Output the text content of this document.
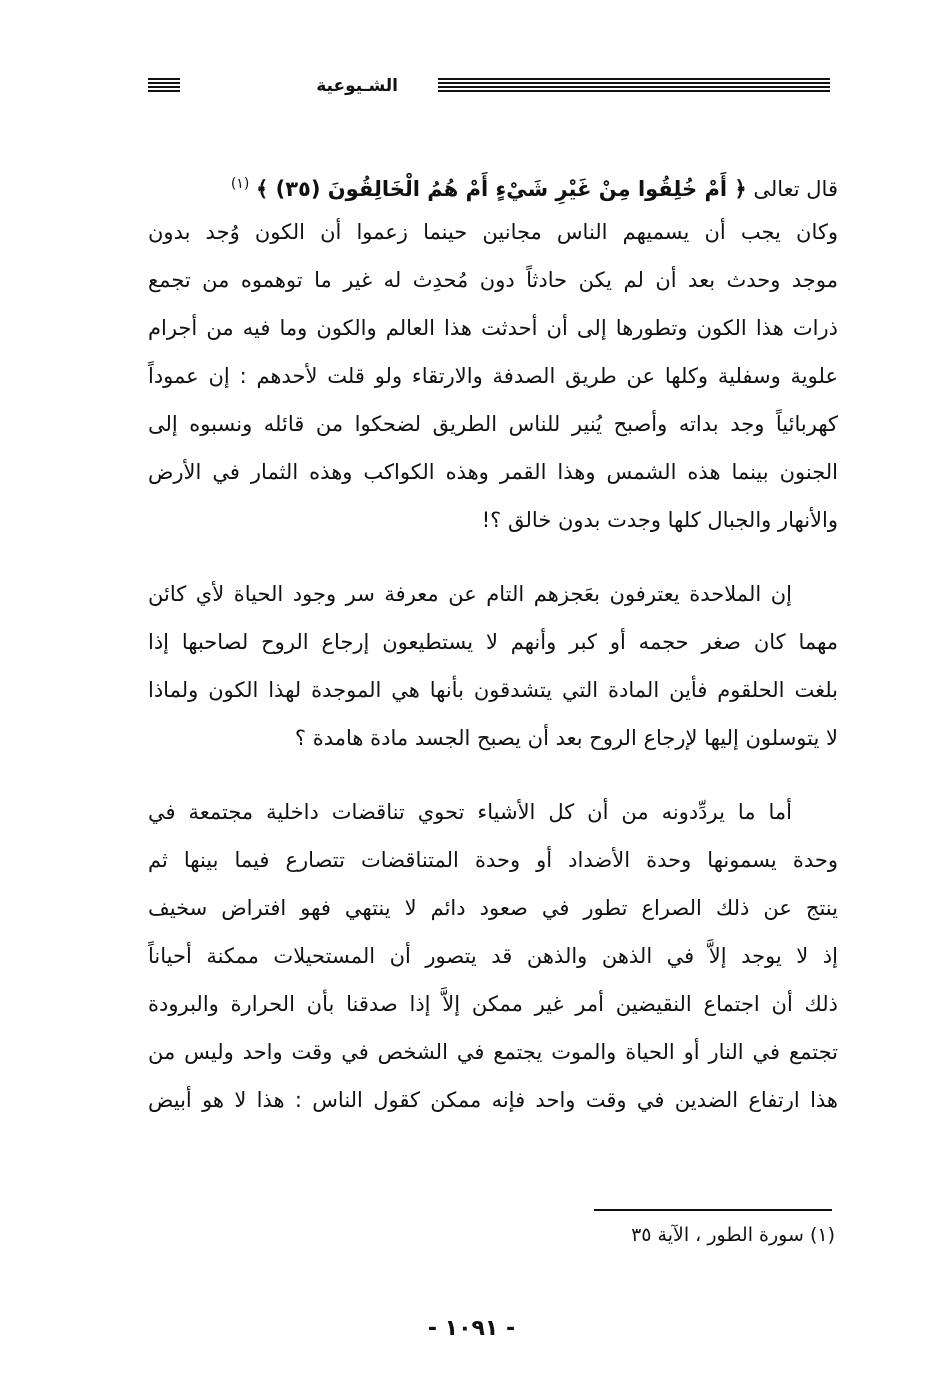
الشـيوعية
قال تعالى ﴿ أَمْ خُلِقُوا مِنْ غَيْرِ شَيْءٍ أَمْ هُمُ الْخَالِقُونَ (٣٥) ﴾ $^{(١)}$
وكان يجب أن يسميهم الناس مجانين حينما زعموا أن الكون وُجد بدون
موجد وحدث بعد أن لم يكن حادثاً دون مُحدِث له غير ما توهموه من تجمع
ذرات هذا الكون وتطورها إلى أن أحدثت هذا العالم والكون وما فيه من أجرام
علوية وسفلية وكلها عن طريق الصدفة والارتقاء ولو قلت لأحدهم : إن عموداً
كهربائياً وجد بداته وأصبح يُنير للناس الطريق لضحكوا من قائله ونسبوه إلى
الجنون بينما هذه الشمس وهذا القمر وهذه الكواكب وهذه الثمار في الأرض
والأنهار والجبال كلها وجدت بدون خالق ؟!
إن الملاحدة يعترفون بعَجزهم التام عن معرفة سر وجود الحياة لأي كائن
مهما كان صغر حجمه أو كبر وأنهم لا يستطيعون إرجاع الروح لصاحبها إذا
بلغت الحلقوم فأين المادة التي يتشدقون بأنها هي الموجدة لهذا الكون ولماذا
لا يتوسلون إليها لإرجاع الروح بعد أن يصبح الجسد مادة هامدة ؟
أما ما يردِّدونه من أن كل الأشياء تحوي تناقضات داخلية مجتمعة في
وحدة يسمونها وحدة الأضداد أو وحدة المتناقضات تتصارع فيما بينها ثم
ينتج عن ذلك الصراع تطور في صعود دائم لا ينتهي فهو افتراض سخيف
إذ لا يوجد إلاَّ في الذهن والذهن قد يتصور أن المستحيلات ممكنة أحياناً
ذلك أن اجتماع النقيضين أمر غير ممكن إلاَّ إذا صدقنا بأن الحرارة والبرودة
تجتمع في النار أو الحياة والموت يجتمع في الشخص في وقت واحد وليس من
هذا ارتفاع الضدين في وقت واحد فإنه ممكن كقول الناس : هذا لا هو أبيض
(١) سورة الطور ، الآية ٣٥
- ١٠٩١ -
